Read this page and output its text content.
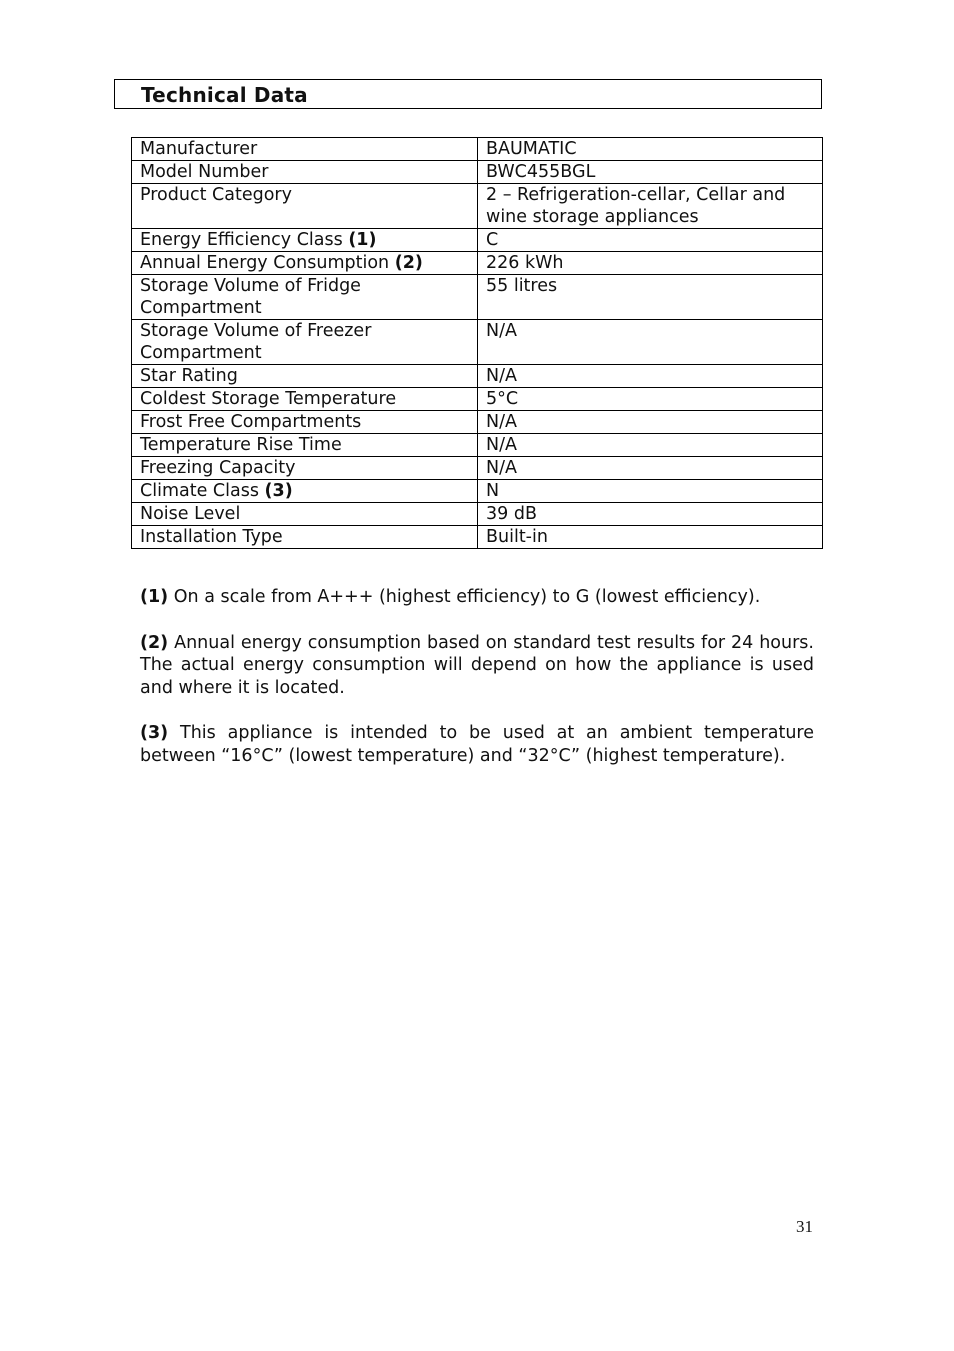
Technical Data
Manufacturer	BAUMATIC
Model Number	BWC455BGL
Product Category	2 – Refrigeration-cellar, Cellar and wine storage appliances
Energy Efficiency Class (1)	C
Annual Energy Consumption (2)	226 kWh
Storage Volume of Fridge Compartment	55 litres
Storage Volume of Freezer Compartment	N/A
Star Rating	N/A
Coldest Storage Temperature	5°C
Frost Free Compartments	N/A
Temperature Rise Time	N/A
Freezing Capacity	N/A
Climate Class (3)	N
Noise Level	39 dB
Installation Type	Built-in

(1) On a scale from A+++ (highest efficiency) to G (lowest efficiency).

(2) Annual energy consumption based on standard test results for 24 hours. The actual energy consumption will depend on how the appliance is used and where it is located.

(3) This appliance is intended to be used at an ambient temperature between “16°C” (lowest temperature) and “32°C” (highest temperature).

31
